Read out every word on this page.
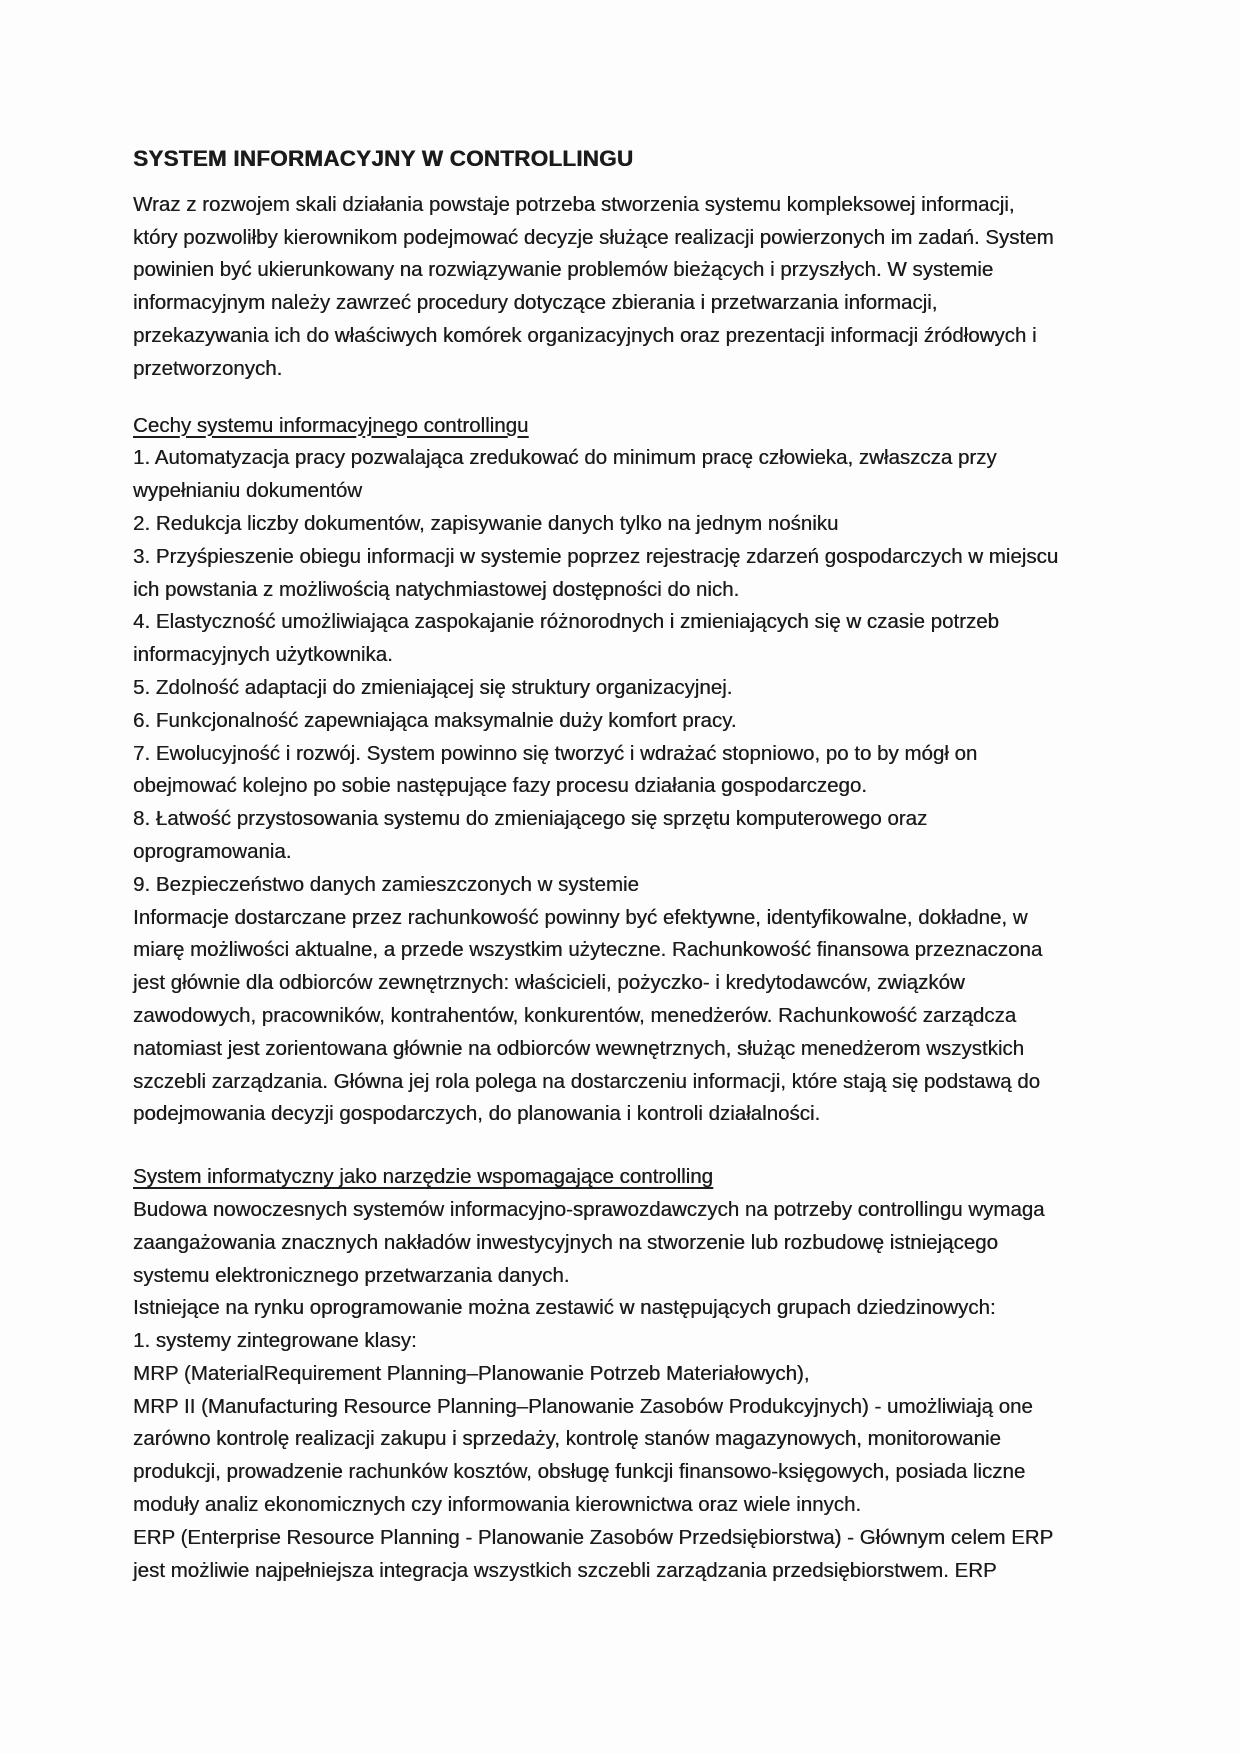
SYSTEM INFORMACYJNY W CONTROLLINGU
Wraz z rozwojem skali działania powstaje potrzeba stworzenia systemu kompleksowej informacji,
który pozwoliłby kierownikom podejmować decyzje służące realizacji powierzonych im zadań. System
powinien być ukierunkowany na rozwiązywanie problemów bieżących i przyszłych. W systemie
informacyjnym należy zawrzeć procedury dotyczące zbierania i przetwarzania informacji,
przekazywania ich do właściwych komórek organizacyjnych oraz prezentacji informacji źródłowych i
przetworzonych.
Cechy systemu informacyjnego controllingu
1. Automatyzacja pracy pozwalająca zredukować do minimum pracę człowieka, zwłaszcza przy
wypełnianiu dokumentów
2. Redukcja liczby dokumentów, zapisywanie danych tylko na jednym nośniku
3. Przyśpieszenie obiegu informacji w systemie poprzez rejestrację zdarzeń gospodarczych w miejscu
ich powstania z możliwością natychmiastowej dostępności do nich.
4. Elastyczność umożliwiająca zaspokajanie różnorodnych i zmieniających się w czasie potrzeb
informacyjnych użytkownika.
5. Zdolność adaptacji do zmieniającej się struktury organizacyjnej.
6. Funkcjonalność zapewniająca maksymalnie duży komfort pracy.
7. Ewolucyjność i rozwój. System powinno się tworzyć i wdrażać stopniowo, po to by mógł on
obejmować kolejno po sobie następujące fazy procesu działania gospodarczego.
8. Łatwość przystosowania systemu do zmieniającego się sprzętu komputerowego oraz
oprogramowania.
9. Bezpieczeństwo danych zamieszczonych w systemie
Informacje dostarczane przez rachunkowość powinny być efektywne, identyfikowalne, dokładne, w
miarę możliwości aktualne, a przede wszystkim użyteczne. Rachunkowość finansowa przeznaczona
jest głównie dla odbiorców zewnętrznych: właścicieli, pożyczko- i kredytodawców, związków
zawodowych, pracowników, kontrahentów, konkurentów, menedżerów. Rachunkowość zarządcza
natomiast jest zorientowana głównie na odbiorców wewnętrznych, służąc menedżerom wszystkich
szczebli zarządzania. Główna jej rola polega na dostarczeniu informacji, które stają się podstawą do
podejmowania decyzji gospodarczych, do planowania i kontroli działalności.
System informatyczny jako narzędzie wspomagające controlling
Budowa nowoczesnych systemów informacyjno-sprawozdawczych na potrzeby controllingu wymaga
zaangażowania znacznych nakładów inwestycyjnych na stworzenie lub rozbudowę istniejącego
systemu elektronicznego przetwarzania danych.
Istniejące na rynku oprogramowanie można zestawić w następujących grupach dziedzinowych:
1. systemy zintegrowane klasy:
MRP (MaterialRequirement Planning–Planowanie Potrzeb Materiałowych),
MRP II (Manufacturing Resource Planning–Planowanie Zasobów Produkcyjnych) - umożliwiają one
zarówno kontrolę realizacji zakupu i sprzedaży, kontrolę stanów magazynowych, monitorowanie
produkcji, prowadzenie rachunków kosztów, obsługę funkcji finansowo-księgowych, posiada liczne
moduły analiz ekonomicznych czy informowania kierownictwa oraz wiele innych.
ERP (Enterprise Resource Planning - Planowanie Zasobów Przedsiębiorstwa) - Głównym celem ERP
jest możliwie najpełniejsza integracja wszystkich szczebli zarządzania przedsiębiorstwem. ERP
